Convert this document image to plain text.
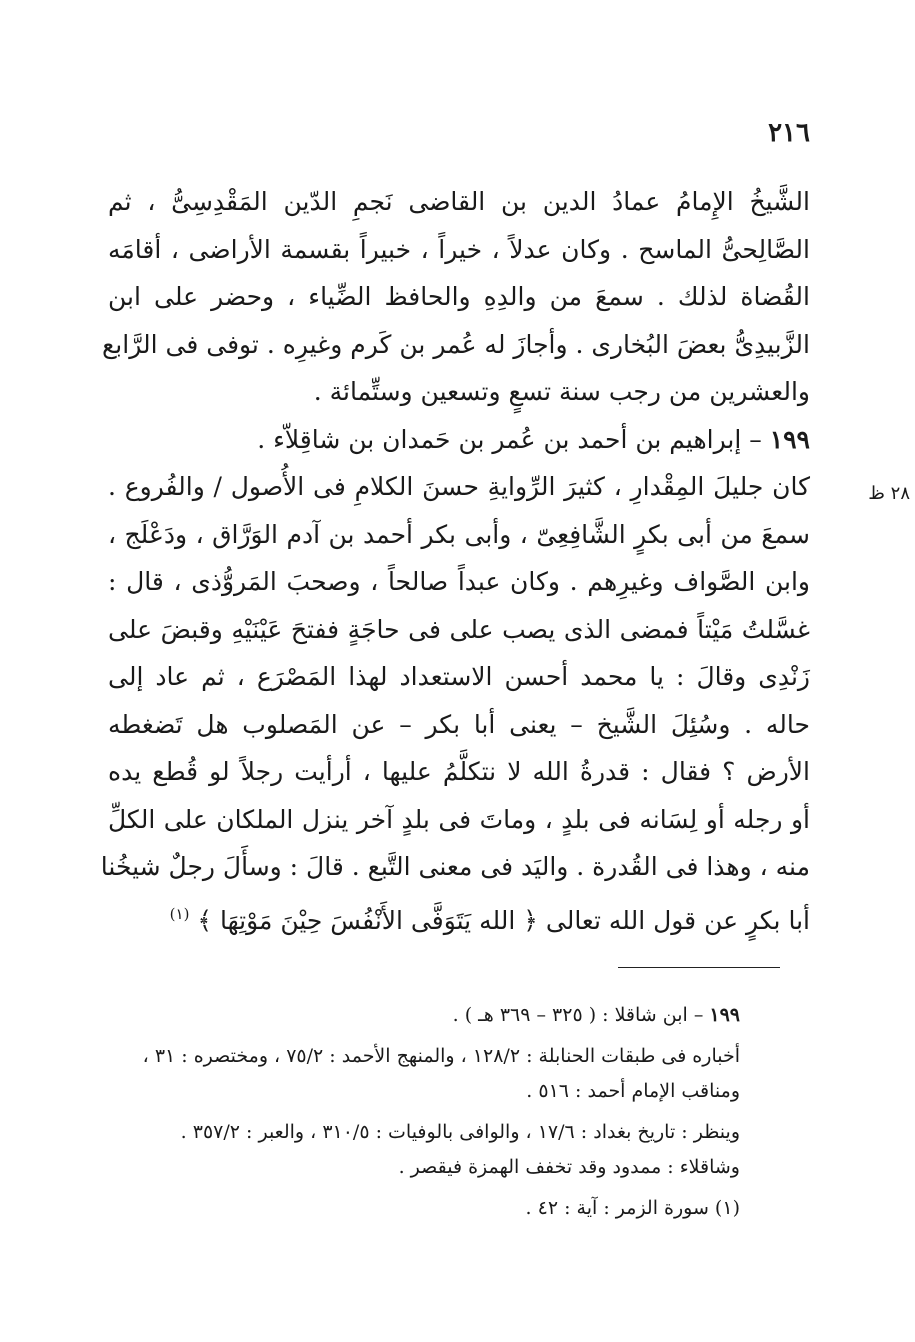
٢١٦
٢٨ ظ
الشَّيخُ الإِمامُ عمادُ الدين بن القاضى نَجمِ الدّين المَقْدِسِىُّ ، ثم
الصَّالِحىُّ الماسح . وكان عدلاً ، خيراً ، خبيراً بقسمة الأراضى ، أقامَه
القُضاة لذلك . سمعَ من والدِهِ والحافظ الضِّياء ، وحضر على ابن
الزَّبيدِىُّ بعضَ البُخارى . وأجازَ له عُمر بن كَرم وغيرِه . توفى فى الرَّابع
والعشرين من رجب سنة تسعٍ وتسعين وستِّمائة .
١٩٩ – إبراهيم بن أحمد بن عُمر بن حَمدان بن شاقِلاّء .
كان جليلَ المِقْدارِ ، كثيرَ الرِّوايةِ حسنَ الكلامِ فى الأُصول / والفُروع .
سمعَ من أبى بكرٍ الشَّافِعِىّ ، وأبى بكر أحمد بن آدم الوَرَّاق ، ودَعْلَج ،
وابن الصَّواف وغيرِهم . وكان عبداً صالحاً ، وصحبَ المَروُّذى ، قال :
غسَّلتُ مَيْتاً فمضى الذى يصب على فى حاجَةٍ ففتحَ عَيْنَيْهِ وقبضَ على
زَنْدِى وقالَ : يا محمد أحسن الاستعداد لهذا المَصْرَع ، ثم عاد إلى
حاله . وسُئِلَ الشَّيخ – يعنى أبا بكر – عن المَصلوب هل تَضغطه
الأرض ؟ فقال : قدرةُ الله لا نتكلَّمُ عليها ، أرأيت رجلاً لو قُطع يده
أو رجله أو لِسَانه فى بلدٍ ، وماتَ فى بلدٍ آخر ينزل الملكان على الكلِّ
منه ، وهذا فى القُدرة . واليَد فى معنى التَّبع . قالَ : وسأَلَ رجلٌ شيخُنا
أبا بكرٍ عن قول الله تعالى ﴿ الله يَتَوَفَّى الأَنْفُسَ حِيْنَ مَوْتِهَا ﴾ $^{(١)}$
١٩٩ – ابن شاقلا : ( ٣٢٥ – ٣٦٩ هـ ) .
أخباره فى طبقات الحنابلة : ١٢٨/٢ ، والمنهج الأحمد : ٧٥/٢ ، ومختصره : ٣١ ،
ومناقب الإمام أحمد : ٥١٦ .
وينظر : تاريخ بغداد : ١٧/٦ ، والوافى بالوفيات : ٣١٠/٥ ، والعبر : ٣٥٧/٢ .
وشاقلاء : ممدود وقد تخفف الهمزة فيقصر .
(١) سورة الزمر : آية : ٤٢ .
